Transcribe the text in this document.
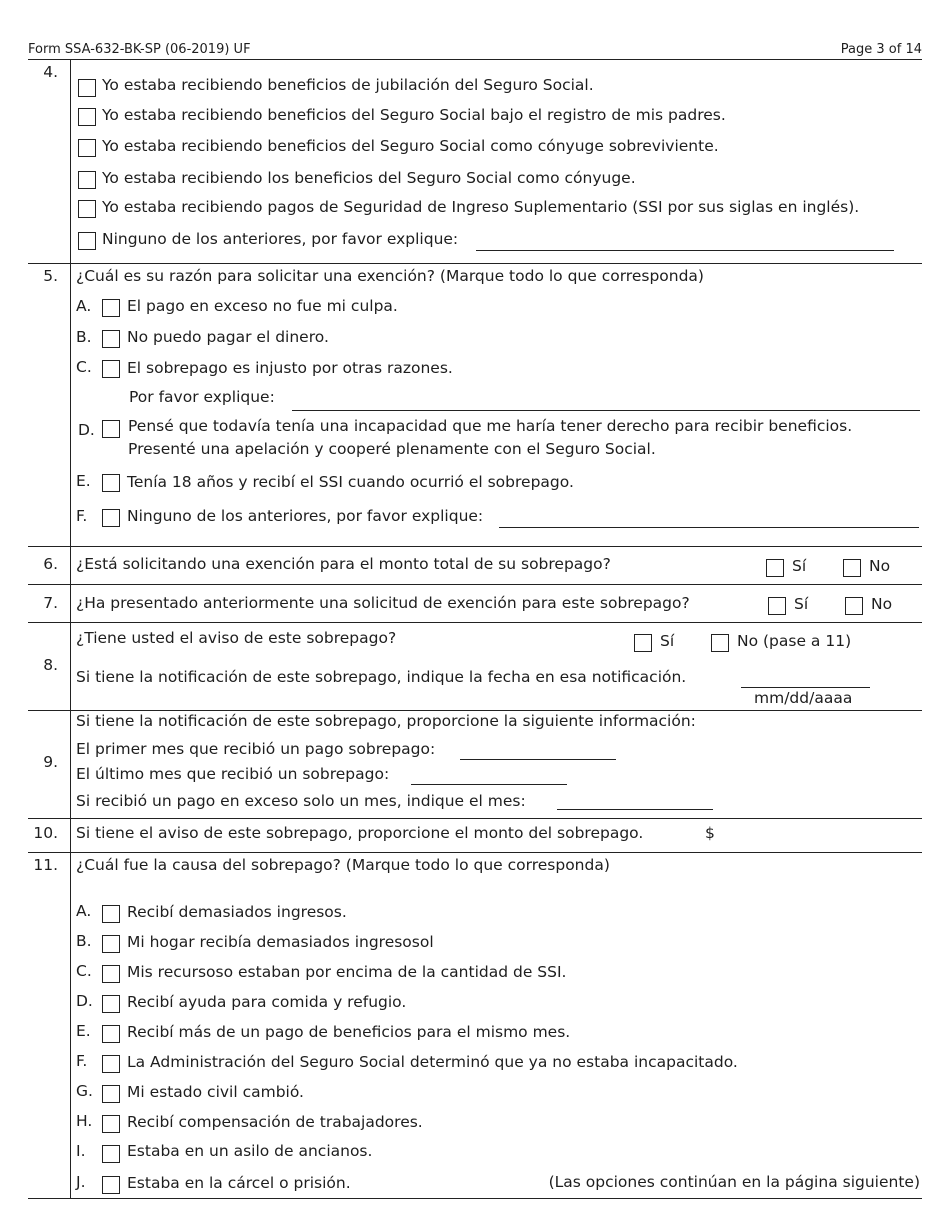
Form SSA-632-BK-SP (06-2019) UF	Page 3 of 14
4.
Yo estaba recibiendo beneficios de jubilación del Seguro Social.
Yo estaba recibiendo beneficios del Seguro Social bajo el registro de mis padres.
Yo estaba recibiendo beneficios del Seguro Social como cónyuge sobreviviente.
Yo estaba recibiendo los beneficios del Seguro Social como cónyuge.
Yo estaba recibiendo pagos de Seguridad de Ingreso Suplementario (SSI por sus siglas en inglés).
Ninguno de los anteriores, por favor explique:
5. ¿Cuál es su razón para solicitar una exención? (Marque todo lo que corresponda)
A. El pago en exceso no fue mi culpa.
B. No puedo pagar el dinero.
C. El sobrepago es injusto por otras razones.
Por favor explique:
D. Pensé que todavía tenía una incapacidad que me haría tener derecho para recibir beneficios.
Presenté una apelación y cooperé plenamente con el Seguro Social.
E. Tenía 18 años y recibí el SSI cuando ocurrió el sobrepago.
F.	Ninguno de los anteriores, por favor explique:
6. ¿Está solicitando una exención para el monto total de su sobrepago?	Sí	No
7. ¿Ha presentado anteriormente una solicitud de exención para este sobrepago?	Sí	No
8.
¿Tiene usted el aviso de este sobrepago?	Sí	No (pase a 11)
Si tiene la notificación de este sobrepago, indique la fecha en esa notificación.
mm/dd/aaaa
9.
Si tiene la notificación de este sobrepago, proporcione la siguiente información:
El primer mes que recibió un pago sobrepago:
El último mes que recibió un sobrepago:
Si recibió un pago en exceso solo un mes, indique el mes:
10. Si tiene el aviso de este sobrepago, proporcione el monto del sobrepago.	$
11. ¿Cuál fue la causa del sobrepago? (Marque todo lo que corresponda)
A. Recibí demasiados ingresos.
B. Mi hogar recibía demasiados ingresosol
C. Mis recursoso estaban por encima de la cantidad de SSI.
D. Recibí ayuda para comida y refugio.
E. Recibí más de un pago de beneficios para el mismo mes.
F.	La Administración del Seguro Social determinó que ya no estaba incapacitado.
G. Mi estado civil cambió.
H. Recibí compensación de trabajadores.
I.	Estaba en un asilo de ancianos.
J.	Estaba en la cárcel o prisión.	(Las opciones continúan en la página siguiente)
